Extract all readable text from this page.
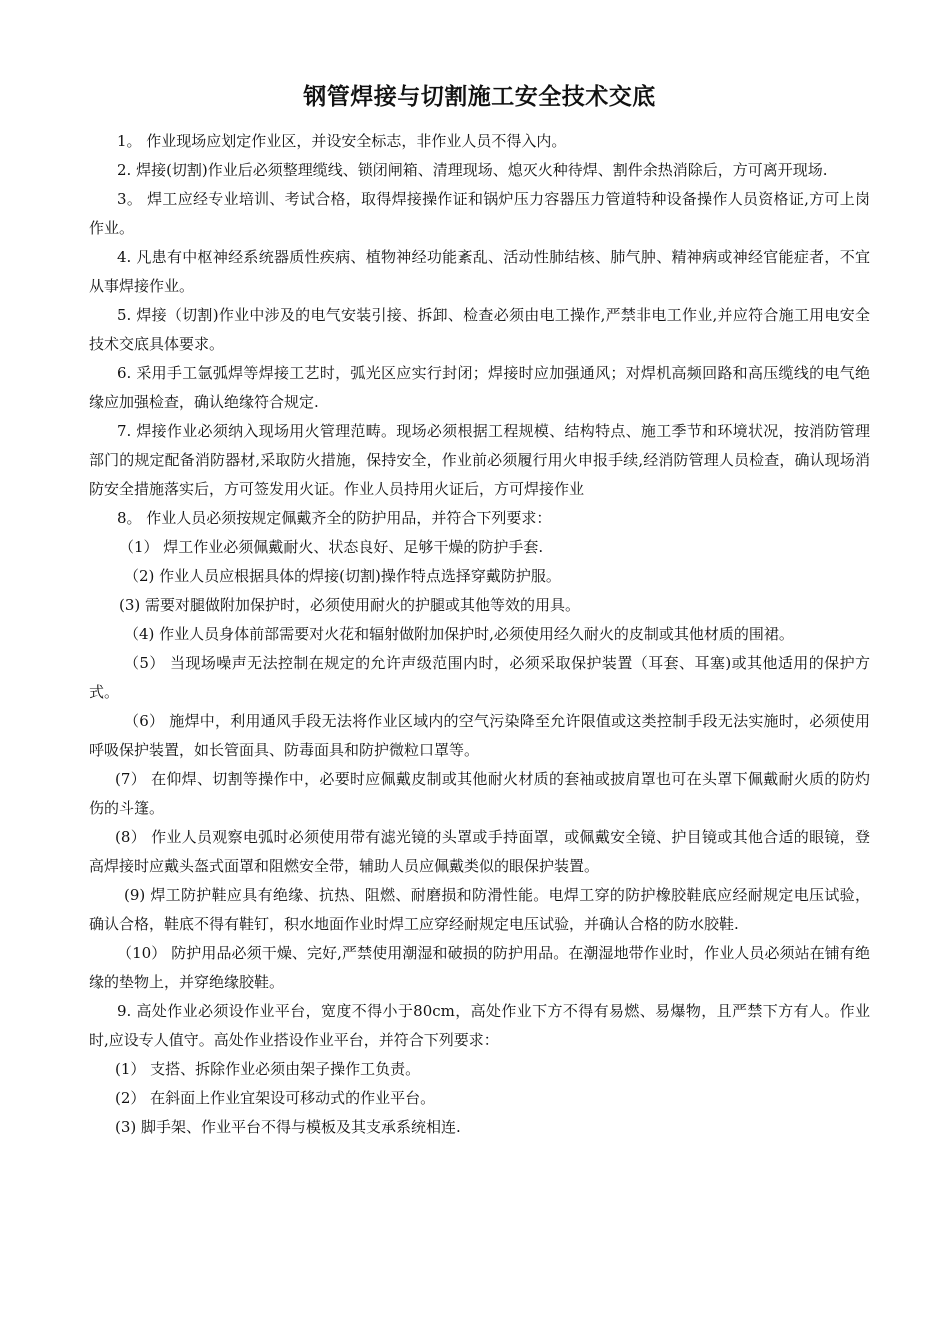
钢管焊接与切割施工安全技术交底

1。 作业现场应划定作业区，并设安全标志，非作业人员不得入内。

2. 焊接(切割)作业后必须整理缆线、锁闭闸箱、清理现场、熄灭火种待焊、割件余热消除后，方可离开现场.

3。 焊工应经专业培训、考试合格，取得焊接操作证和锅炉压力容器压力管道特种设备操作人员资格证,方可上岗作业。

4. 凡患有中枢神经系统器质性疾病、植物神经功能紊乱、活动性肺结核、肺气肿、精神病或神经官能症者，不宜从事焊接作业。

5. 焊接（切割)作业中涉及的电气安装引接、拆卸、检查必须由电工操作,严禁非电工作业,并应符合施工用电安全技术交底具体要求。

6. 采用手工氩弧焊等焊接工艺时，弧光区应实行封闭；焊接时应加强通风；对焊机高频回路和高压缆线的电气绝缘应加强检查，确认绝缘符合规定.

7. 焊接作业必须纳入现场用火管理范畴。现场必须根据工程规模、结构特点、施工季节和环境状况，按消防管理部门的规定配备消防器材,采取防火措施，保持安全，作业前必须履行用火申报手续,经消防管理人员检查，确认现场消防安全措施落实后，方可签发用火证。作业人员持用火证后，方可焊接作业

8。 作业人员必须按规定佩戴齐全的防护用品，并符合下列要求：

（1） 焊工作业必须佩戴耐火、状态良好、足够干燥的防护手套.

（2) 作业人员应根据具体的焊接(切割)操作特点选择穿戴防护服。

(3) 需要对腿做附加保护时，必须使用耐火的护腿或其他等效的用具。

（4) 作业人员身体前部需要对火花和辐射做附加保护时,必须使用经久耐火的皮制或其他材质的围裙。

（5） 当现场噪声无法控制在规定的允许声级范围内时，必须采取保护装置（耳套、耳塞)或其他适用的保护方式。

（6） 施焊中，利用通风手段无法将作业区域内的空气污染降至允许限值或这类控制手段无法实施时，必须使用呼吸保护装置，如长管面具、防毒面具和防护微粒口罩等。

(7） 在仰焊、切割等操作中，必要时应佩戴皮制或其他耐火材质的套袖或披肩罩也可在头罩下佩戴耐火质的防灼伤的斗篷。

(8） 作业人员观察电弧时必须使用带有滤光镜的头罩或手持面罩，或佩戴安全镜、护目镜或其他合适的眼镜，登高焊接时应戴头盔式面罩和阻燃安全带，辅助人员应佩戴类似的眼保护装置。

(9) 焊工防护鞋应具有绝缘、抗热、阻燃、耐磨损和防滑性能。电焊工穿的防护橡胶鞋底应经耐规定电压试验，确认合格，鞋底不得有鞋钉，积水地面作业时焊工应穿经耐规定电压试验，并确认合格的防水胶鞋.

（10） 防护用品必须干燥、完好,严禁使用潮湿和破损的防护用品。在潮湿地带作业时，作业人员必须站在铺有绝缘的垫物上，并穿绝缘胶鞋。

9. 高处作业必须设作业平台，宽度不得小于80cm，高处作业下方不得有易燃、易爆物，且严禁下方有人。作业时,应设专人值守。高处作业搭设作业平台，并符合下列要求：

(1） 支搭、拆除作业必须由架子操作工负责。

(2） 在斜面上作业宜架设可移动式的作业平台。

(3) 脚手架、作业平台不得与模板及其支承系统相连.
